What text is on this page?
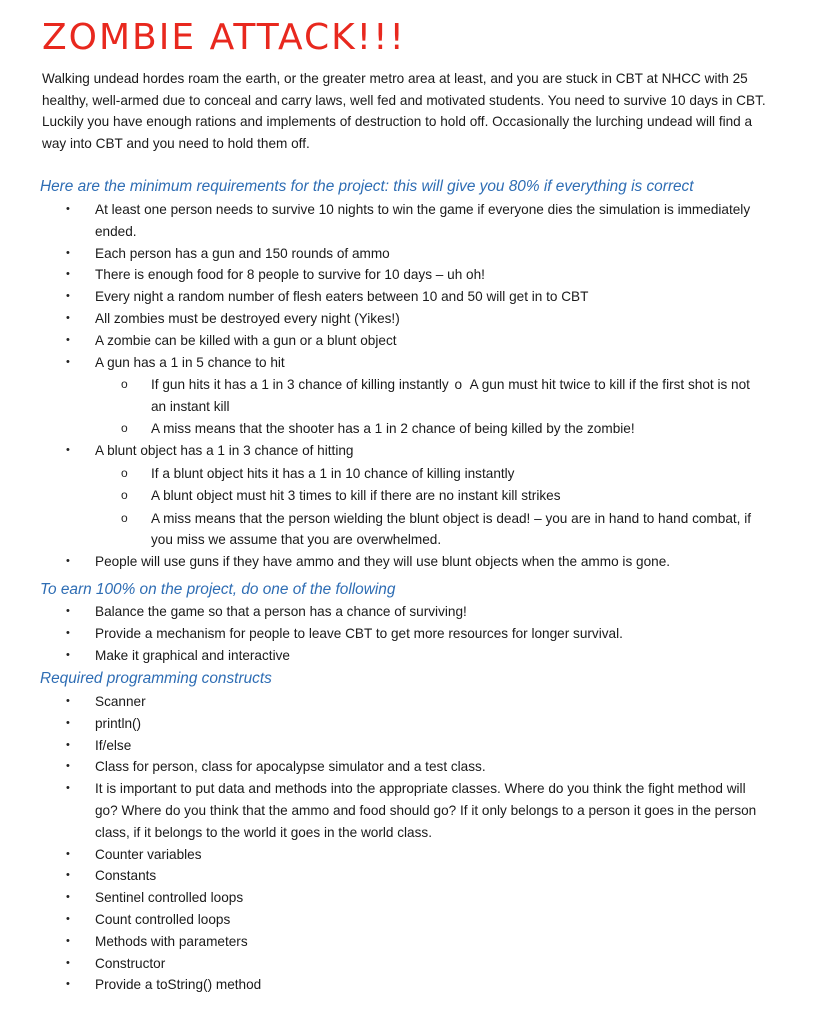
ZOMBIE ATTACK!!!

Walking undead hordes roam the earth, or the greater metro area at least, and you are stuck in CBT at NHCC with 25 healthy, well-armed due to conceal and carry laws, well fed and motivated students. You need to survive 10 days in CBT. Luckily you have enough rations and implements of destruction to hold off. Occasionally the lurching undead will find a way into CBT and you need to hold them off.

Here are the minimum requirements for the project: this will give you 80% if everything is correct
• At least one person needs to survive 10 nights to win the game if everyone dies the simulation is immediately ended.
• Each person has a gun and 150 rounds of ammo
• There is enough food for 8 people to survive for 10 days – uh oh!
• Every night a random number of flesh eaters between 10 and 50 will get in to CBT
• All zombies must be destroyed every night (Yikes!)
• A zombie can be killed with a gun or a blunt object
• A gun has a 1 in 5 chance to hit
o If gun hits it has a 1 in 3 chance of killing instantly o A gun must hit twice to kill if the first shot is not an instant kill
o A miss means that the shooter has a 1 in 2 chance of being killed by the zombie!
• A blunt object has a 1 in 3 chance of hitting
o If a blunt object hits it has a 1 in 10 chance of killing instantly
o A blunt object must hit 3 times to kill if there are no instant kill strikes
o A miss means that the person wielding the blunt object is dead! – you are in hand to hand combat, if you miss we assume that you are overwhelmed.
• People will use guns if they have ammo and they will use blunt objects when the ammo is gone.
To earn 100% on the project, do one of the following
• Balance the game so that a person has a chance of surviving!
• Provide a mechanism for people to leave CBT to get more resources for longer survival.
• Make it graphical and interactive
Required programming constructs
• Scanner
• println()
• If/else
• Class for person, class for apocalypse simulator and a test class.
• It is important to put data and methods into the appropriate classes. Where do you think the fight method will go? Where do you think that the ammo and food should go? If it only belongs to a person it goes in the person class, if it belongs to the world it goes in the world class.
• Counter variables
• Constants
• Sentinel controlled loops
• Count controlled loops
• Methods with parameters
• Constructor
• Provide a toString() method
